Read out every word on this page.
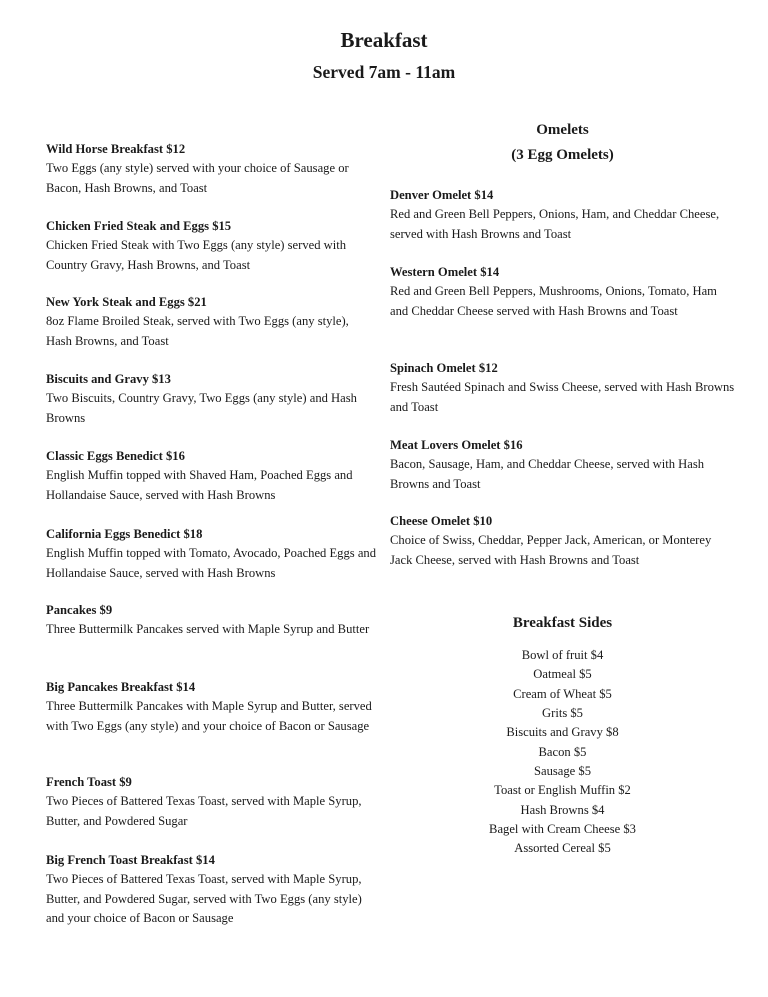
Breakfast
Served 7am - 11am
Wild Horse Breakfast $12
Two Eggs (any style) served with your choice of Sausage or Bacon, Hash Browns, and Toast
Chicken Fried Steak and Eggs $15
Chicken Fried Steak with Two Eggs (any style) served with Country Gravy, Hash Browns, and Toast
New York Steak and Eggs $21
8oz Flame Broiled Steak, served with Two Eggs (any style), Hash Browns, and Toast
Biscuits and Gravy $13
Two Biscuits, Country Gravy, Two Eggs (any style) and Hash Browns
Classic Eggs Benedict $16
English Muffin topped with Shaved Ham, Poached Eggs and Hollandaise Sauce, served with Hash Browns
California Eggs Benedict $18
English Muffin topped with Tomato, Avocado, Poached Eggs and Hollandaise Sauce, served with Hash Browns
Pancakes $9
Three Buttermilk Pancakes served with Maple Syrup and Butter
Big Pancakes Breakfast $14
Three Buttermilk Pancakes with Maple Syrup and Butter, served with Two Eggs (any style) and your choice of Bacon or Sausage
French Toast $9
Two Pieces of Battered Texas Toast, served with Maple Syrup, Butter, and Powdered Sugar
Big French Toast Breakfast $14
Two Pieces of Battered Texas Toast, served with Maple Syrup, Butter, and Powdered Sugar, served with Two Eggs (any style) and your choice of Bacon or Sausage
Omelets
(3 Egg Omelets)
Denver Omelet $14
Red and Green Bell Peppers, Onions, Ham, and Cheddar Cheese, served with Hash Browns and Toast
Western Omelet $14
Red and Green Bell Peppers, Mushrooms, Onions, Tomato, Ham and Cheddar Cheese served with Hash Browns and Toast
Spinach Omelet $12
Fresh Sautéed Spinach and Swiss Cheese, served with Hash Browns and Toast
Meat Lovers Omelet $16
Bacon, Sausage, Ham, and Cheddar Cheese, served with Hash Browns and Toast
Cheese Omelet $10
Choice of Swiss, Cheddar, Pepper Jack, American, or Monterey Jack Cheese, served with Hash Browns and Toast
Breakfast Sides
Bowl of fruit $4
Oatmeal $5
Cream of Wheat $5
Grits $5
Biscuits and Gravy $8
Bacon $5
Sausage $5
Toast or English Muffin $2
Hash Browns $4
Bagel with Cream Cheese $3
Assorted Cereal $5
